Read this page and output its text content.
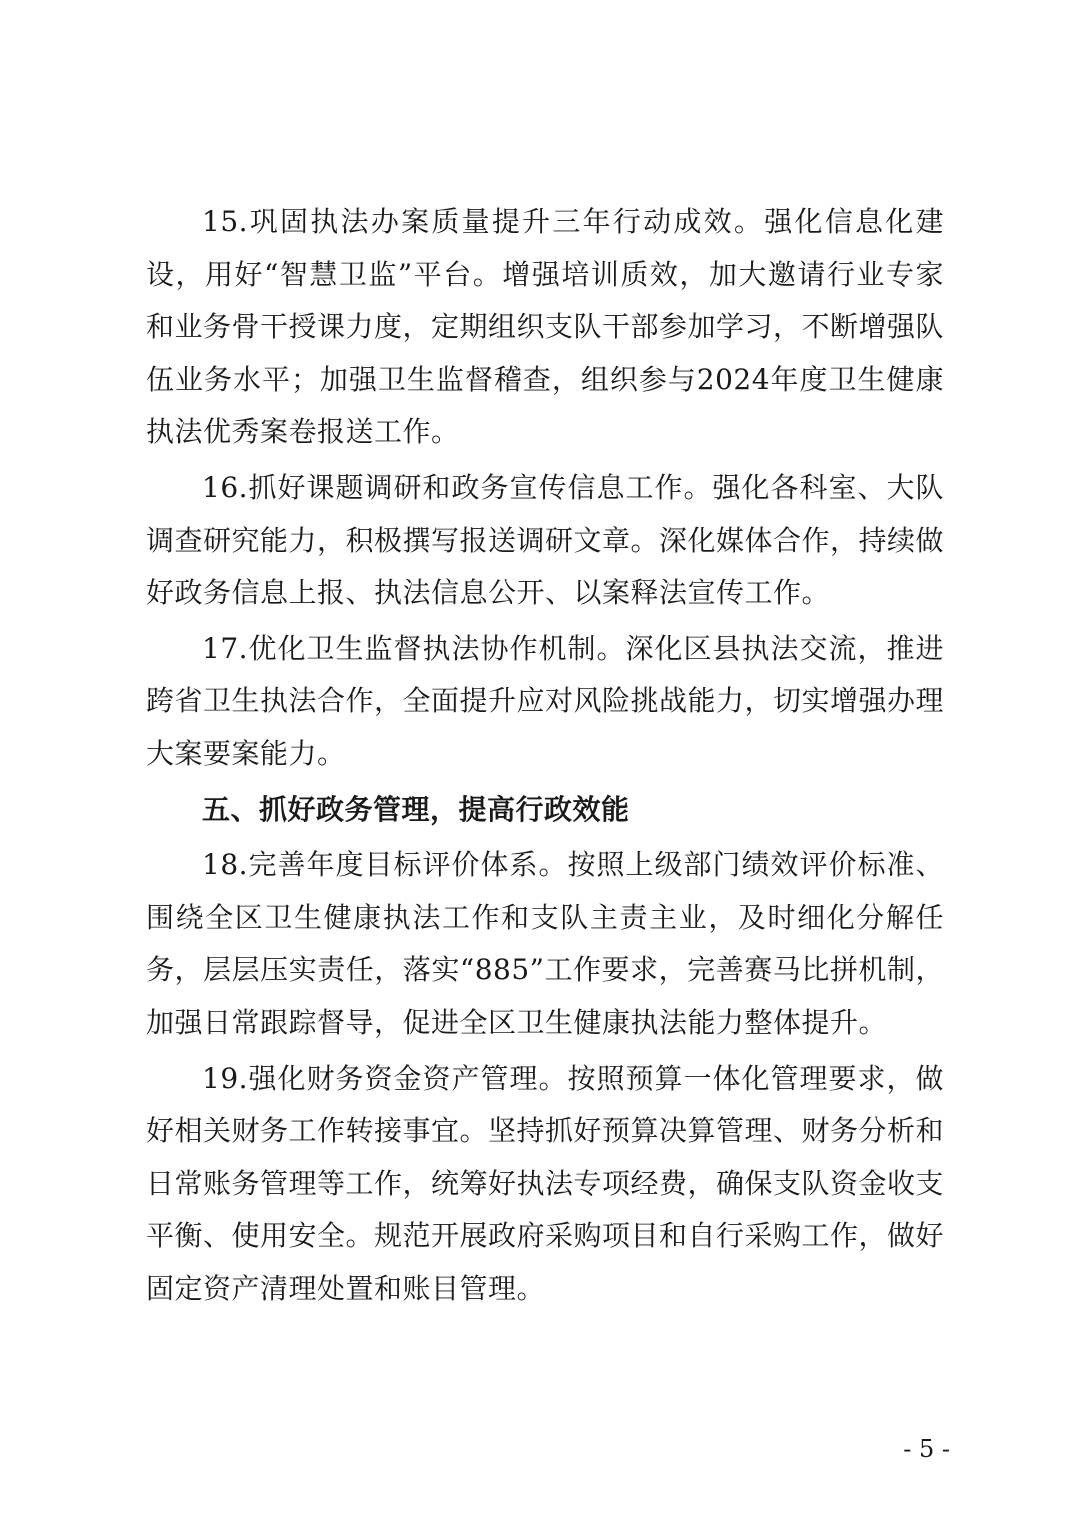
15.巩固执法办案质量提升三年行动成效。强化信息化建设，用好“智慧卫监”平台。增强培训质效，加大邀请行业专家和业务骨干授课力度，定期组织支队干部参加学习，不断增强队伍业务水平；加强卫生监督稽查，组织参与2024年度卫生健康执法优秀案卷报送工作。

16.抓好课题调研和政务宣传信息工作。强化各科室、大队调查研究能力，积极撰写报送调研文章。深化媒体合作，持续做好政务信息上报、执法信息公开、以案释法宣传工作。

17.优化卫生监督执法协作机制。深化区县执法交流，推进跨省卫生执法合作，全面提升应对风险挑战能力，切实增强办理大案要案能力。

五、抓好政务管理，提高行政效能

18.完善年度目标评价体系。按照上级部门绩效评价标准、围绕全区卫生健康执法工作和支队主责主业，及时细化分解任务，层层压实责任，落实“885”工作要求，完善赛马比拼机制，加强日常跟踪督导，促进全区卫生健康执法能力整体提升。

19.强化财务资金资产管理。按照预算一体化管理要求，做好相关财务工作转接事宜。坚持抓好预算决算管理、财务分析和日常账务管理等工作，统筹好执法专项经费，确保支队资金收支平衡、使用安全。规范开展政府采购项目和自行采购工作，做好固定资产清理处置和账目管理。

- 5 -
